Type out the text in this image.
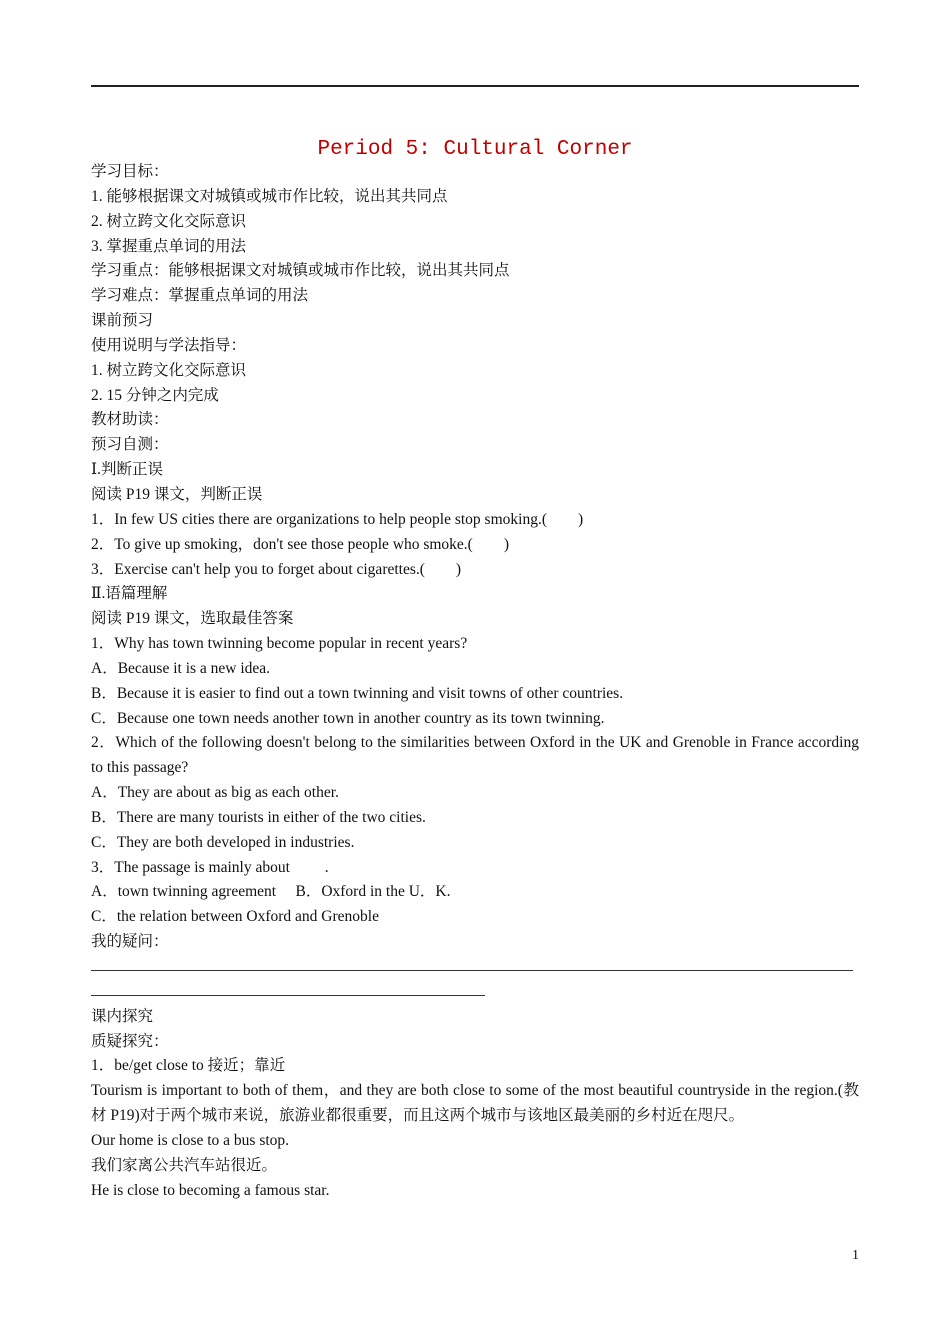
Period 5: Cultural Corner
学习目标：
1. 能够根据课文对城镇或城市作比较，说出其共同点
2. 树立跨文化交际意识
3. 掌握重点单词的用法
学习重点：能够根据课文对城镇或城市作比较，说出其共同点
学习难点：掌握重点单词的用法
课前预习
使用说明与学法指导：
1. 树立跨文化交际意识
2. 15 分钟之内完成
教材助读：
预习自测：
Ⅰ.判断正误
阅读 P19 课文，判断正误
1．In few US cities there are organizations to help people stop smoking.(　　)
2．To give up smoking，don't see those people who smoke.(　　)
3．Exercise can't help you to forget about cigarettes.(　　)
Ⅱ.语篇理解
阅读 P19 课文，选取最佳答案
1．Why has town twinning become popular in recent years?
A．Because it is a new idea.
B．Because it is easier to find out a town twinning and visit towns of other countries.
C．Because one town needs another town in another country as its town twinning.
2．Which of the following doesn't belong to the similarities between Oxford in the UK and Grenoble in France according to this passage?
A．They are about as big as each other.
B．There are many tourists in either of the two cities.
C．They are both developed in industries.
3．The passage is mainly about 　　.
A．town twinning agreement　 B．Oxford in the U．K.
C．the relation between Oxford and Grenoble
我的疑问：
课内探究
质疑探究：
1．be/get close to 接近；靠近
Tourism is important to both of them，and they are both close to some of the most beautiful countryside in the region.(教材 P19)对于两个城市来说，旅游业都很重要，而且这两个城市与该地区最美丽的乡村近在咫尺。
Our home is close to a bus stop.
我们家离公共汽车站很近。
He is close to becoming a famous star.
1
